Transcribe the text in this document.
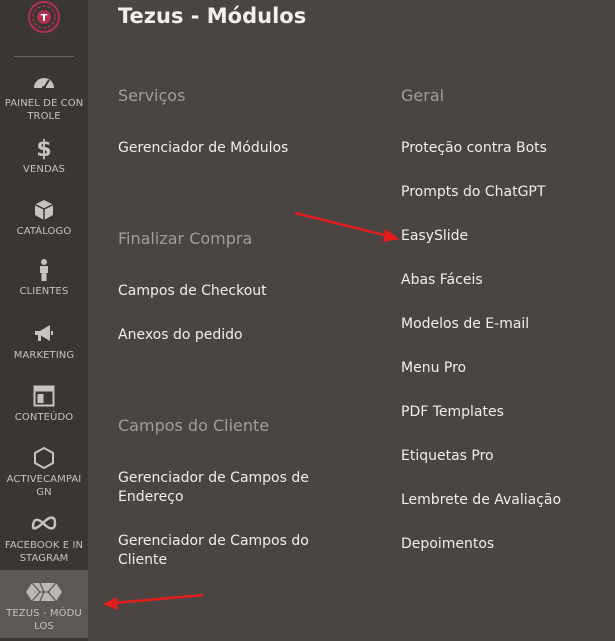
T
PAINEL DE CONTROLE
$
VENDAS
CATÁLOGO
CLIENTES
MARKETING
CONTEÚDO
ACTIVECAMPAIGN
FACEBOOK E INSTAGRAM
TEZUS - MÓDULOS
Tezus - Módulos
Serviços
Gerenciador de Módulos
Finalizar Compra
Campos de Checkout
Anexos do pedido
Campos do Cliente
Gerenciador de Campos de Endereço
Gerenciador de Campos do Cliente
Geral
Proteção contra Bots
Prompts do ChatGPT
EasySlide
Abas Fáceis
Modelos de E-mail
Menu Pro
PDF Templates
Etiquetas Pro
Lembrete de Avaliação
Depoimentos
